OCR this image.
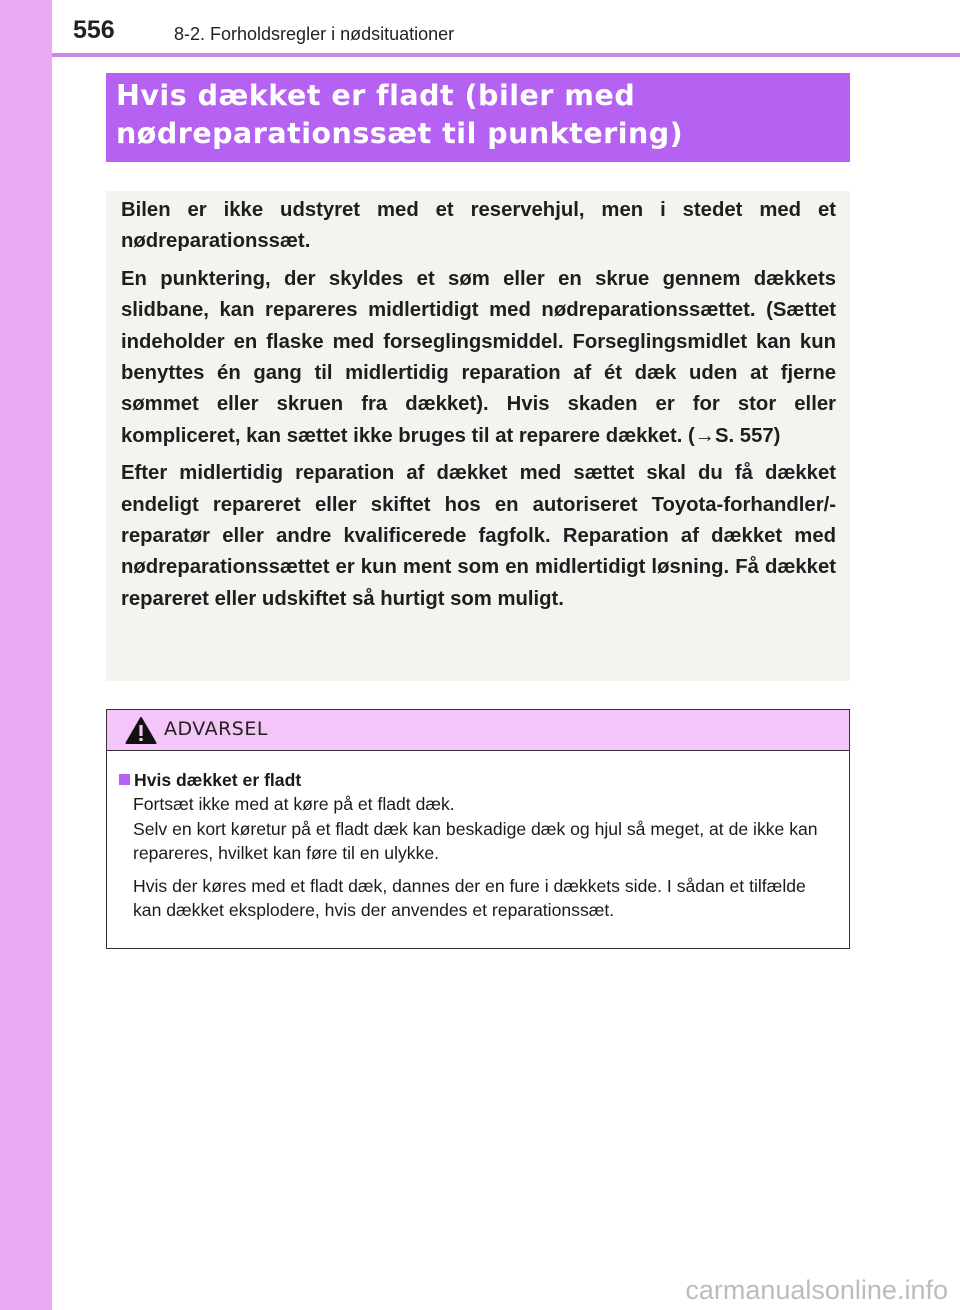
556	8-2. Forholdsregler i nødsituationer
Hvis dækket er fladt (biler med
nødreparationssæt til punktering)

Bilen er ikke udstyret med et reservehjul, men i stedet med et nødreparationssæt.

En punktering, der skyldes et søm eller en skrue gennem dækkets slidbane, kan repareres midlertidigt med nødreparationssættet. (Sættet indeholder en flaske med forseglingsmiddel. Forseglingsmidlet kan kun benyttes én gang til midlertidig reparation af ét dæk uden at fjerne sømmet eller skruen fra dækket). Hvis skaden er for stor eller kompliceret, kan sættet ikke bruges til at reparere dækket. (→S. 557)

Efter midlertidig reparation af dækket med sættet skal du få dækket endeligt repareret eller skiftet hos en autoriseret Toyota-forhandler/-reparatør eller andre kvalificerede fagfolk. Reparation af dækket med nødreparationssættet er kun ment som en midlertidigt løsning. Få dækket repareret eller udskiftet så hurtigt som muligt.

ADVARSEL
Hvis dækket er fladt

Fortsæt ikke med at køre på et fladt dæk.

Selv en kort køretur på et fladt dæk kan beskadige dæk og hjul så meget, at de ikke kan repareres, hvilket kan føre til en ulykke.

Hvis der køres med et fladt dæk, dannes der en fure i dækkets side. I sådan et tilfælde kan dækket eksplodere, hvis der anvendes et reparationssæt.

carmanualsonline.info
